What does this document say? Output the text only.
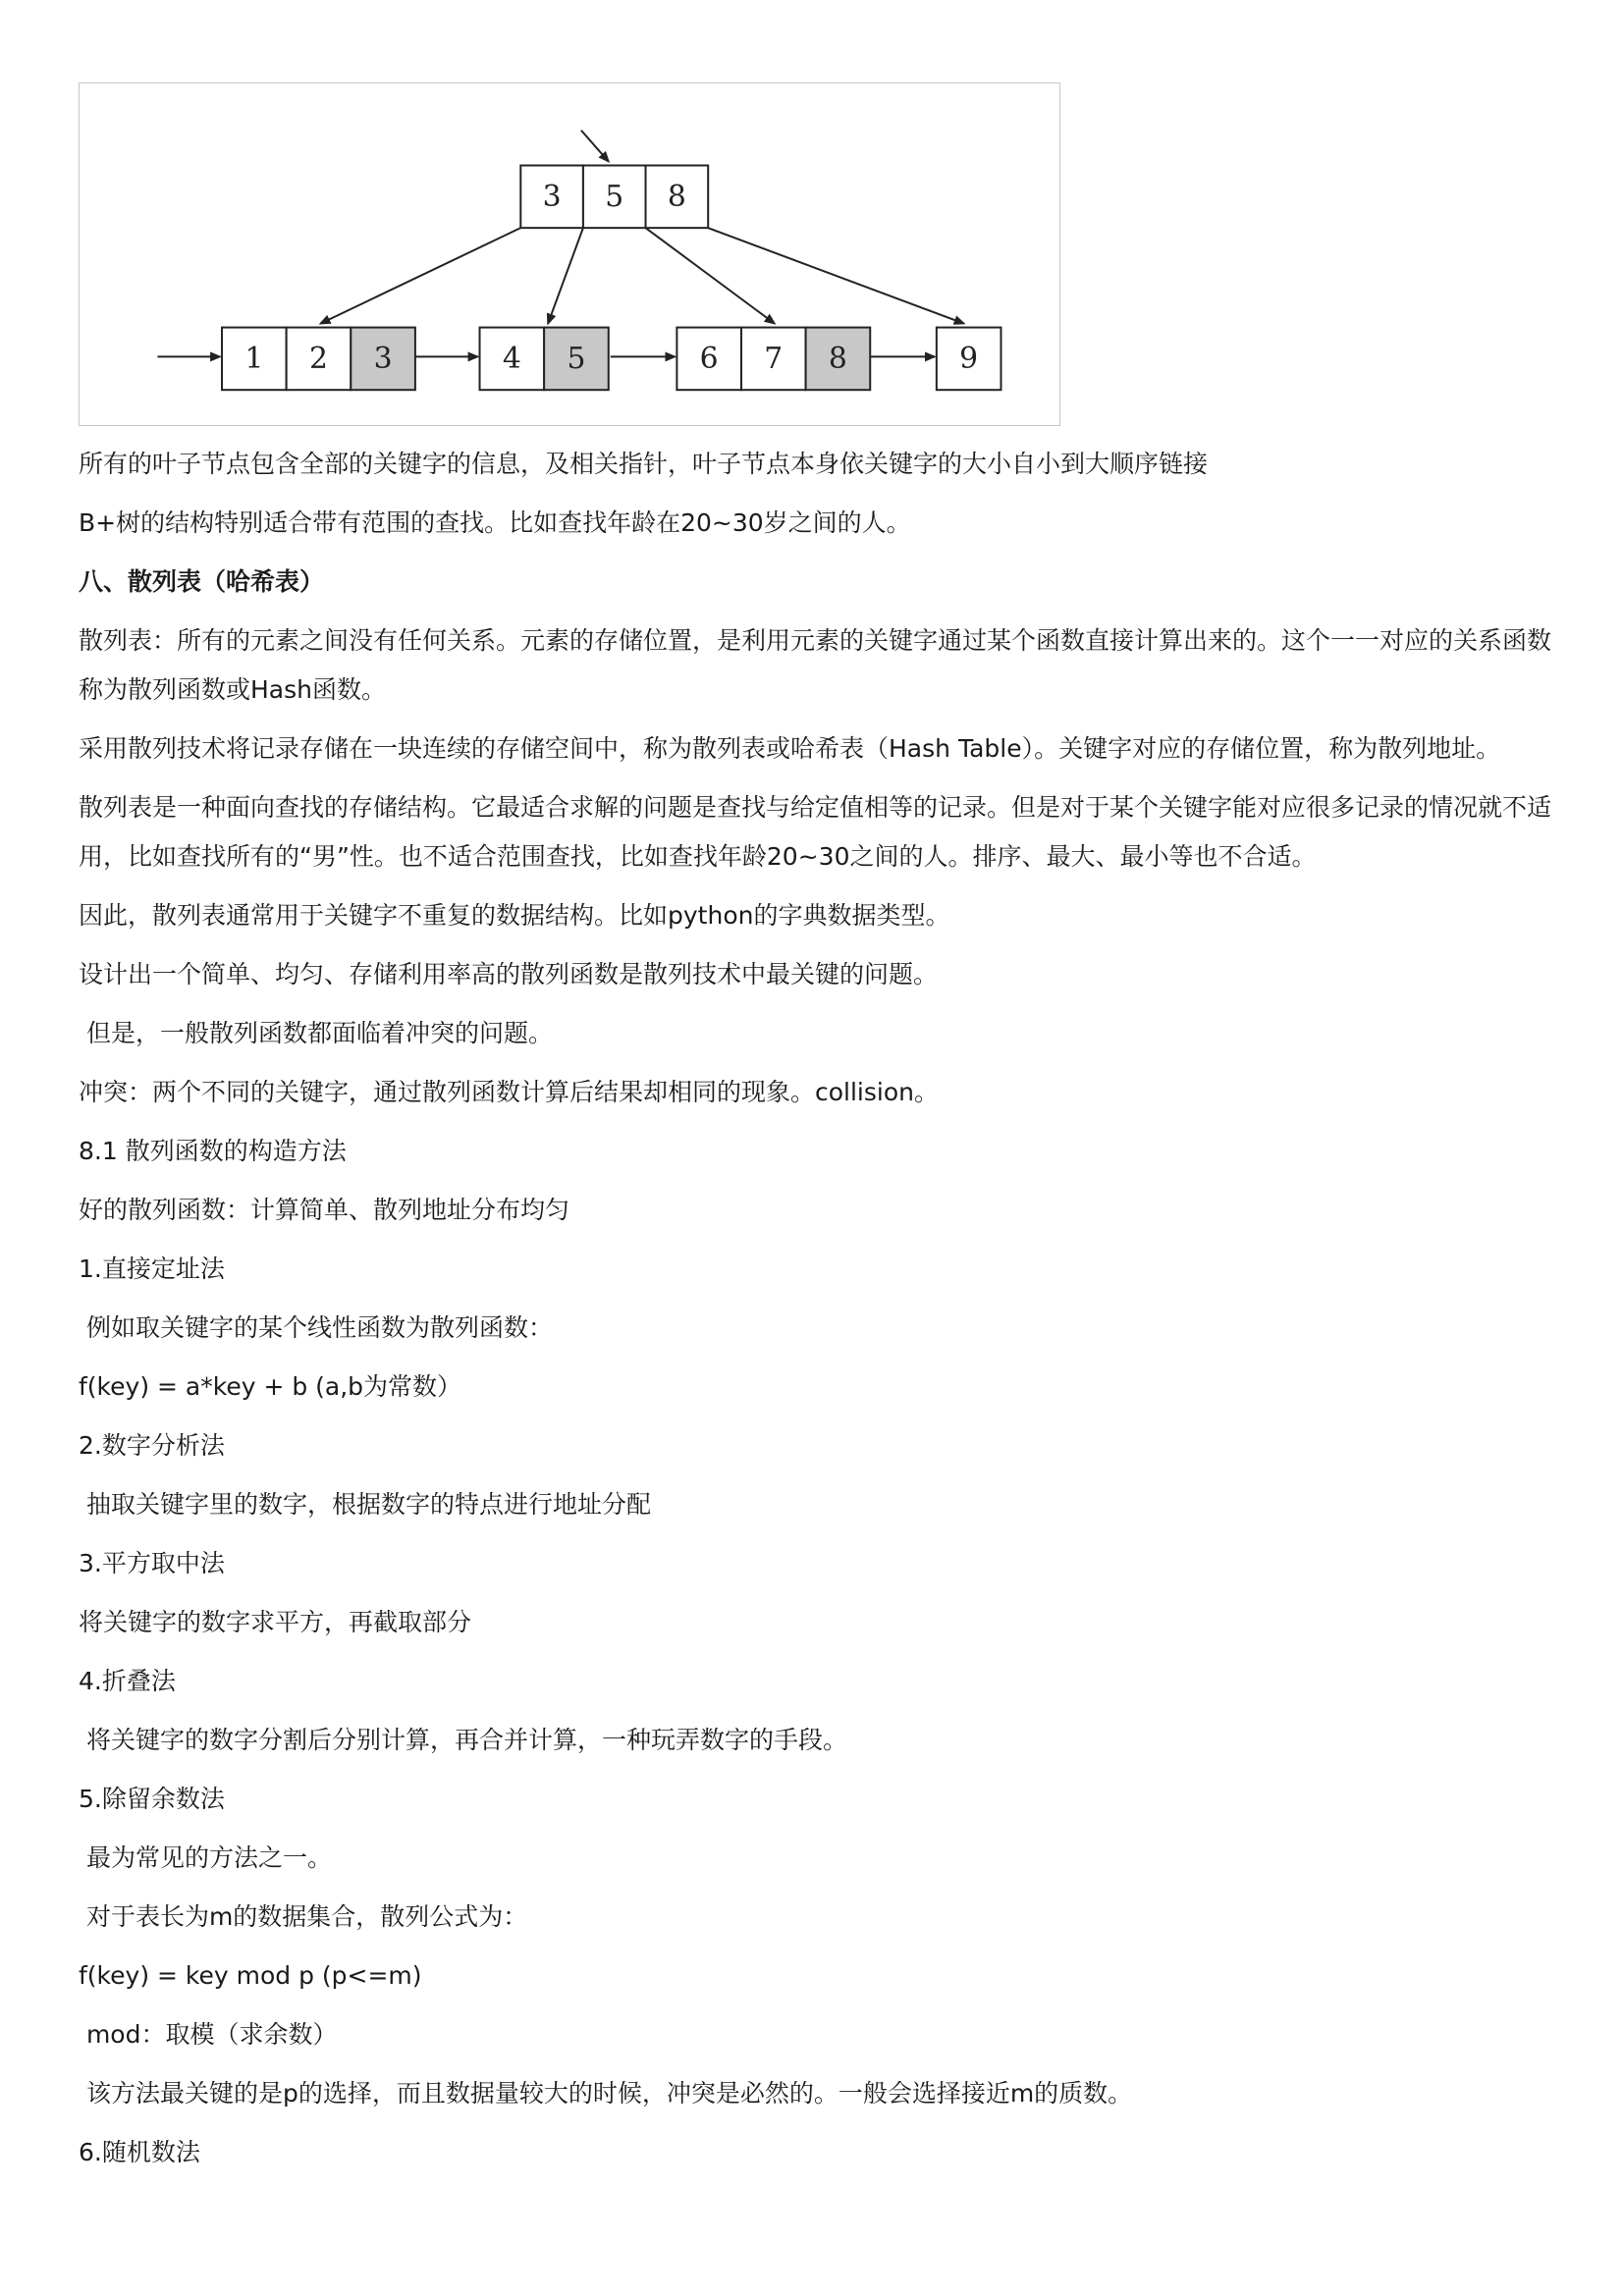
3 5 8
1 2 3	4 5	6 7 8	9

所有的叶子节点包含全部的关键字的信息，及相关指针，叶子节点本身依关键字的大小自小到大顺序链接

B+树的结构特别适合带有范围的查找。比如查找年龄在20~30岁之间的人。

八、散列表（哈希表）

散列表：所有的元素之间没有任何关系。元素的存储位置，是利用元素的关键字通过某个函数直接计算出来的。这个一一对应的关系函数称为散列函数或Hash函数。

采用散列技术将记录存储在一块连续的存储空间中，称为散列表或哈希表（Hash Table）。关键字对应的存储位置，称为散列地址。

散列表是一种面向查找的存储结构。它最适合求解的问题是查找与给定值相等的记录。但是对于某个关键字能对应很多记录的情况就不适用，比如查找所有的“男”性。也不适合范围查找，比如查找年龄20~30之间的人。排序、最大、最小等也不合适。

因此，散列表通常用于关键字不重复的数据结构。比如python的字典数据类型。

设计出一个简单、均匀、存储利用率高的散列函数是散列技术中最关键的问题。

但是，一般散列函数都面临着冲突的问题。

冲突：两个不同的关键字，通过散列函数计算后结果却相同的现象。collision。

8.1 散列函数的构造方法

好的散列函数：计算简单、散列地址分布均匀

1.直接定址法

例如取关键字的某个线性函数为散列函数：

f(key) = a*key + b (a,b为常数）

2.数字分析法

抽取关键字里的数字，根据数字的特点进行地址分配

3.平方取中法

将关键字的数字求平方，再截取部分

4.折叠法

将关键字的数字分割后分别计算，再合并计算，一种玩弄数字的手段。

5.除留余数法

最为常见的方法之一。

对于表长为m的数据集合，散列公式为：

f(key) = key mod p (p<=m)

mod：取模（求余数）

该方法最关键的是p的选择，而且数据量较大的时候，冲突是必然的。一般会选择接近m的质数。

6.随机数法
